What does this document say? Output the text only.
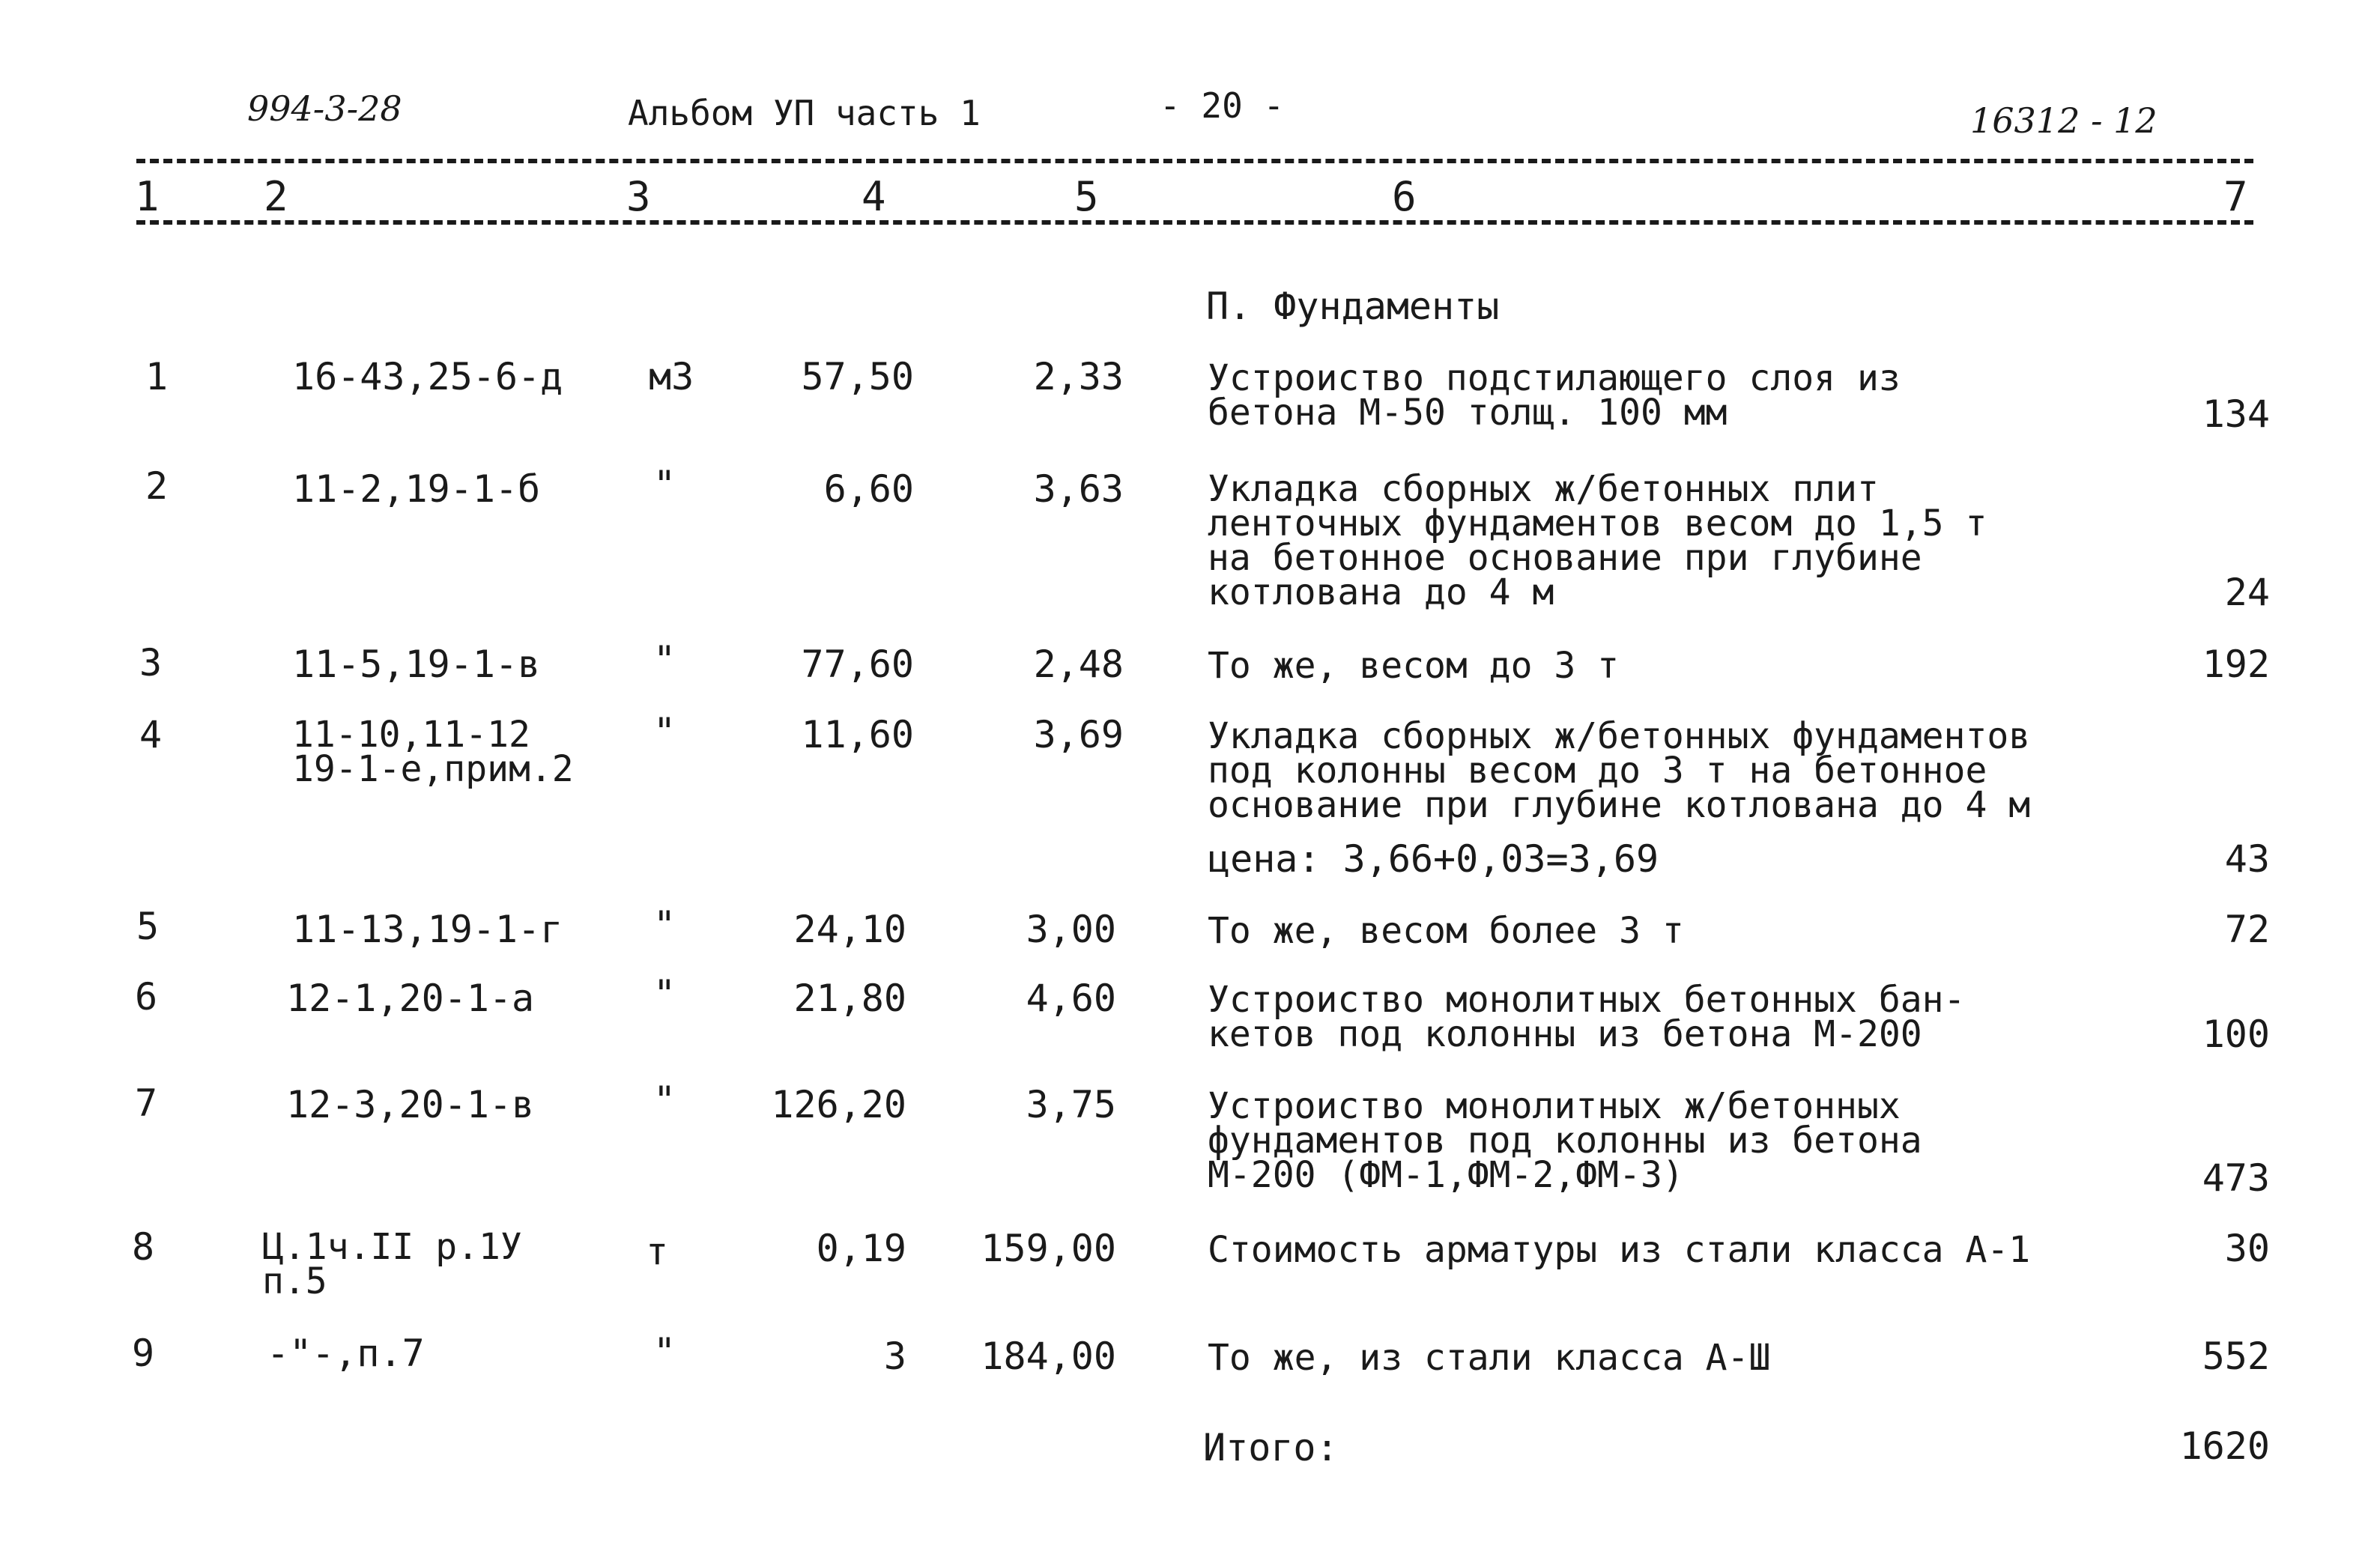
994-3-28	Альбом УП часть 1	- 20 -	16312 - 12
1	2	3	4	5	6	7
П. Фундаменты
1	16-43,25-6-д м3	57,50	2,33 Устроиство подстилающего слоя из
бетона М-50 толщ. 100 мм	134
2	11-2,19-1-б	"	6,60	3,63 Укладка сборных ж/бетонных плит
ленточных фундаментов весом до 1,5 т
на бетонное основание при глубине
котлована до 4 м	24
3	11-5,19-1-в	"	77,60	2,48 То же, весом до 3 т	192
4	11-10,11-12
19-1-е,прим.2
"	11,60	3,69 Укладка сборных ж/бетонных фундаментов
под колонны весом до 3 т на бетонное
основание при глубине котлована до 4 м
цена: 3,66+0,03=3,69	43
5	11-13,19-1-г "	24,10	3,00	То же, весом более 3 т	72
6	12-1,20-1-а	"	21,80	4,60	Устроиство монолитных бетонных бан-
кетов под колонны из бетона М-200	100
7	12-3,20-1-в	"	126,20	3,75	Устроиство монолитных ж/бетонных
фундаментов под колонны из бетона
М-200 (ФМ-1,ФМ-2,ФМ-3)	473
8	Ц.1ч.II р.1У
п.5
т	0,19	159,00	Стоимость арматуры из стали класса А-1	30
9	-"-,п.7	"	3	184,00	То же, из стали класса А-Ш	552
Итого:	1620
